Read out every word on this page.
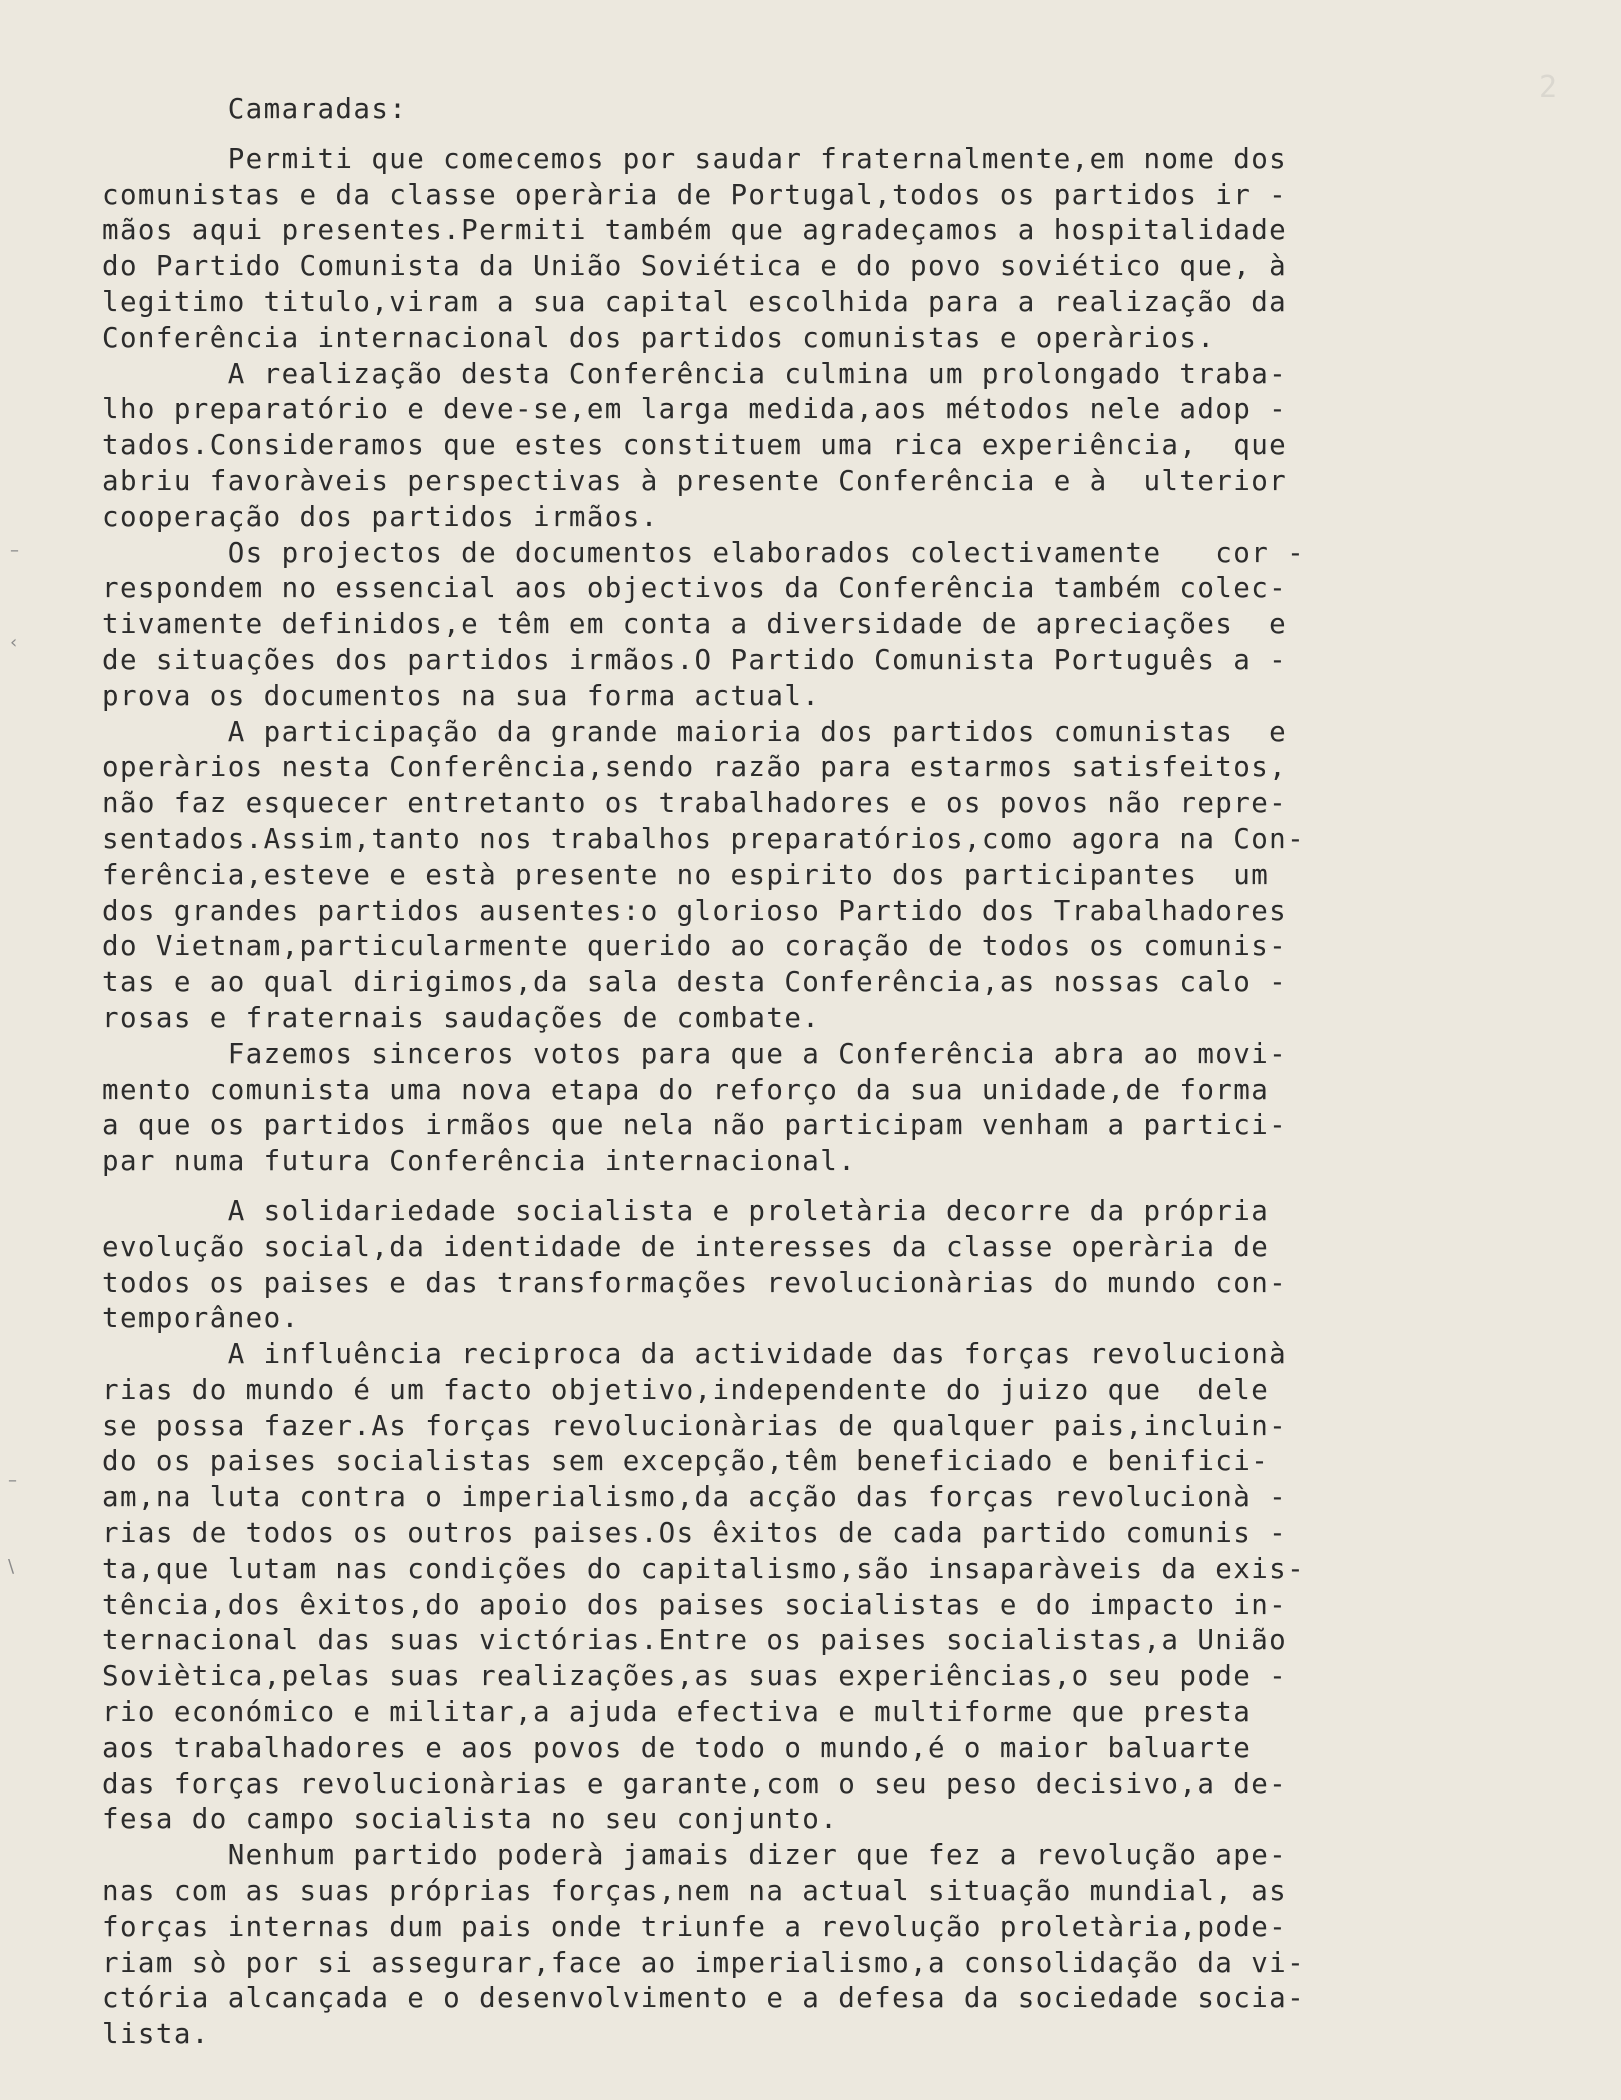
2
–
‹
–
\
Camaradas:
Permiti que comecemos por saudar fraternalmente,em nome dos
comunistas e da classe operària de Portugal,todos os partidos ir -
mãos aqui presentes.Permiti também que agradeçamos a hospitalidade
do Partido Comunista da União Soviética e do povo soviético que, à
legitimo titulo,viram a sua capital escolhida para a realização da
Conferência internacional dos partidos comunistas e operàrios.
A realização desta Conferência culmina um prolongado traba-
lho preparatório e deve-se,em larga medida,aos métodos nele adop -
tados.Consideramos que estes constituem uma rica experiência,  que
abriu favoràveis perspectivas à presente Conferência e à  ulterior
cooperação dos partidos irmãos.
Os projectos de documentos elaborados colectivamente   cor -
respondem no essencial aos objectivos da Conferência também colec-
tivamente definidos,e têm em conta a diversidade de apreciações  e
de situações dos partidos irmãos.O Partido Comunista Português a -
prova os documentos na sua forma actual.
A participação da grande maioria dos partidos comunistas  e
operàrios nesta Conferência,sendo razão para estarmos satisfeitos,
não faz esquecer entretanto os trabalhadores e os povos não repre-
sentados.Assim,tanto nos trabalhos preparatórios,como agora na Con-
ferência,esteve e està presente no espirito dos participantes  um
dos grandes partidos ausentes:o glorioso Partido dos Trabalhadores
do Vietnam,particularmente querido ao coração de todos os comunis-
tas e ao qual dirigimos,da sala desta Conferência,as nossas calo -
rosas e fraternais saudações de combate.
Fazemos sinceros votos para que a Conferência abra ao movi-
mento comunista uma nova etapa do reforço da sua unidade,de forma
a que os partidos irmãos que nela não participam venham a partici-
par numa futura Conferência internacional.
A solidariedade socialista e proletària decorre da própria
evolução social,da identidade de interesses da classe operària de
todos os paises e das transformações revolucionàrias do mundo con-
temporâneo.
A influência reciproca da actividade das forças revolucionà
rias do mundo é um facto objetivo,independente do juizo que  dele
se possa fazer.As forças revolucionàrias de qualquer pais,incluin-
do os paises socialistas sem excepção,têm beneficiado e benifici-
am,na luta contra o imperialismo,da acção das forças revolucionà -
rias de todos os outros paises.Os êxitos de cada partido comunis -
ta,que lutam nas condições do capitalismo,são insaparàveis da exis-
tência,dos êxitos,do apoio dos paises socialistas e do impacto in-
ternacional das suas victórias.Entre os paises socialistas,a União
Soviètica,pelas suas realizações,as suas experiências,o seu pode -
rio económico e militar,a ajuda efectiva e multiforme que presta
aos trabalhadores e aos povos de todo o mundo,é o maior baluarte
das forças revolucionàrias e garante,com o seu peso decisivo,a de-
fesa do campo socialista no seu conjunto.
Nenhum partido poderà jamais dizer que fez a revolução ape-
nas com as suas próprias forças,nem na actual situação mundial, as
forças internas dum pais onde triunfe a revolução proletària,pode-
riam sò por si assegurar,face ao imperialismo,a consolidação da vi-
ctória alcançada e o desenvolvimento e a defesa da sociedade socia-
lista.
